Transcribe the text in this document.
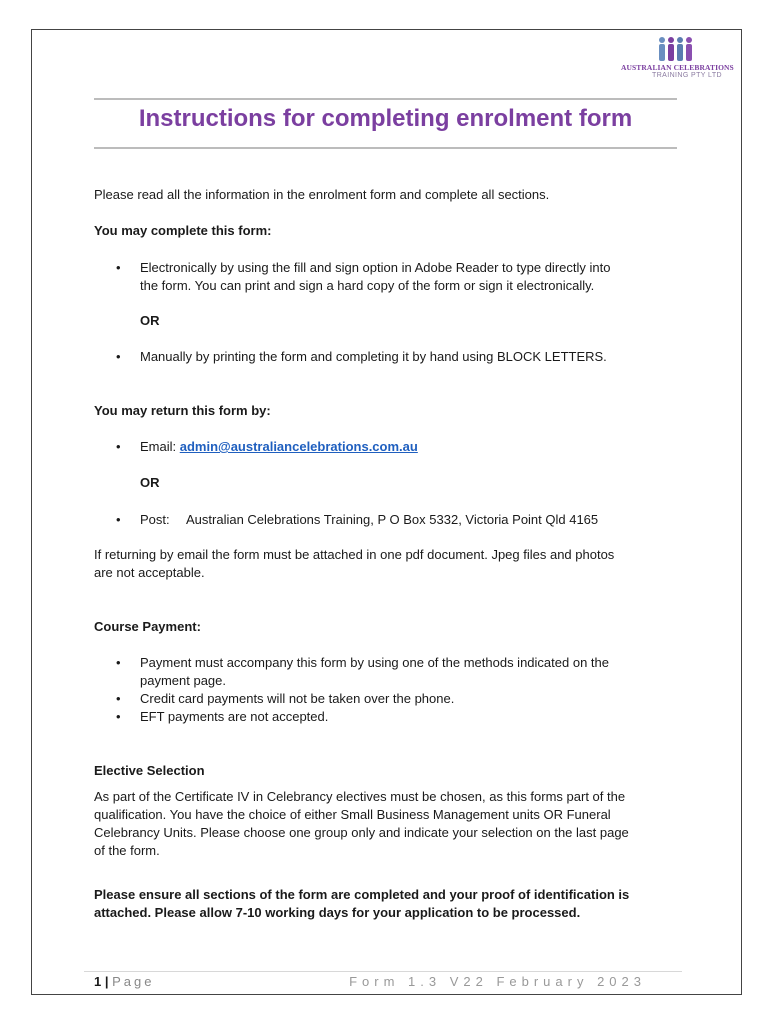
AUSTRALIAN CELEBRATIONS
TRAINING PTY LTD
Instructions for completing enrolment form
Please read all the information in the enrolment form and complete all sections.
You may complete this form:
• Electronically by using the fill and sign option in Adobe Reader to type directly into
the form. You can print and sign a hard copy of the form or sign it electronically.
OR
• Manually by printing the form and completing it by hand using BLOCK LETTERS.
You may return this form by:
• Email: admin@australiancelebrations.com.au
OR
• Post: Australian Celebrations Training, P O Box 5332, Victoria Point Qld 4165
If returning by email the form must be attached in one pdf document. Jpeg files and photos
are not acceptable.
Course Payment:
• Payment must accompany this form by using one of the methods indicated on the
payment page.
• Credit card payments will not be taken over the phone.
• EFT payments are not accepted.
Elective Selection
As part of the Certificate IV in Celebrancy electives must be chosen, as this forms part of the
qualification. You have the choice of either Small Business Management units OR Funeral
Celebrancy Units. Please choose one group only and indicate your selection on the last page
of the form.
Please ensure all sections of the form are completed and your proof of identification is
attached. Please allow 7-10 working days for your application to be processed.
1 | Page	Form 1.3 V22 February 2023
